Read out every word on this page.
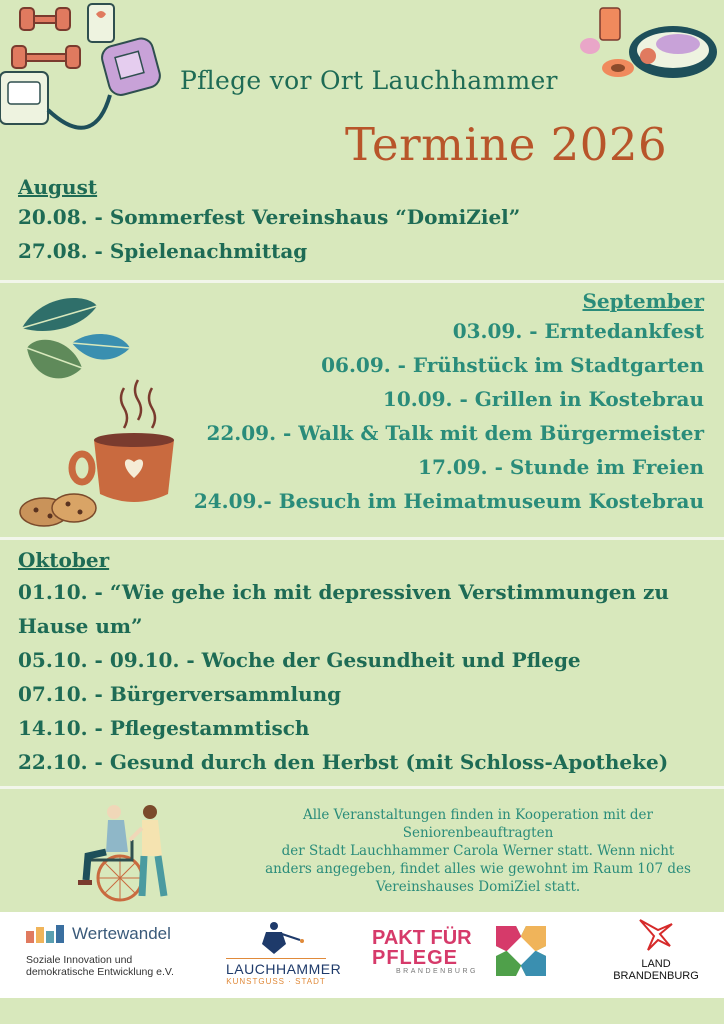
Pflege vor Ort Lauchhammer
Termine 2026
August
20.08. - Sommerfest Vereinshaus “DomiZiel”
27.08. - Spielenachmittag
September
03.09. - Erntedankfest
06.09. - Frühstück im Stadtgarten
10.09. - Grillen in Kostebrau
22.09. - Walk & Talk mit dem Bürgermeister
17.09. - Stunde im Freien
24.09.- Besuch im Heimatmuseum Kostebrau
Oktober
01.10. - “Wie gehe ich mit depressiven Verstimmungen zu
Hause um”
05.10. - 09.10. - Woche der Gesundheit und Pflege
07.10. - Bürgerversammlung
14.10. - Pflegestammtisch
22.10. - Gesund durch den Herbst (mit Schloss-Apotheke)
Alle Veranstaltungen finden in Kooperation mit der
Seniorenbeauftragten
der Stadt Lauchhammer Carola Werner statt. Wenn nicht
anders angegeben, findet alles wie gewohnt im Raum 107 des
Vereinshauses DomiZiel statt.
Wertewandel
Soziale Innovation und
demokratische Entwicklung e.V.	LAUCHHAMMER
KUNSTGUSS · STADT
PAKT FÜR
PFLEGE
BRANDENBURG
LAND
BRANDENBURG
